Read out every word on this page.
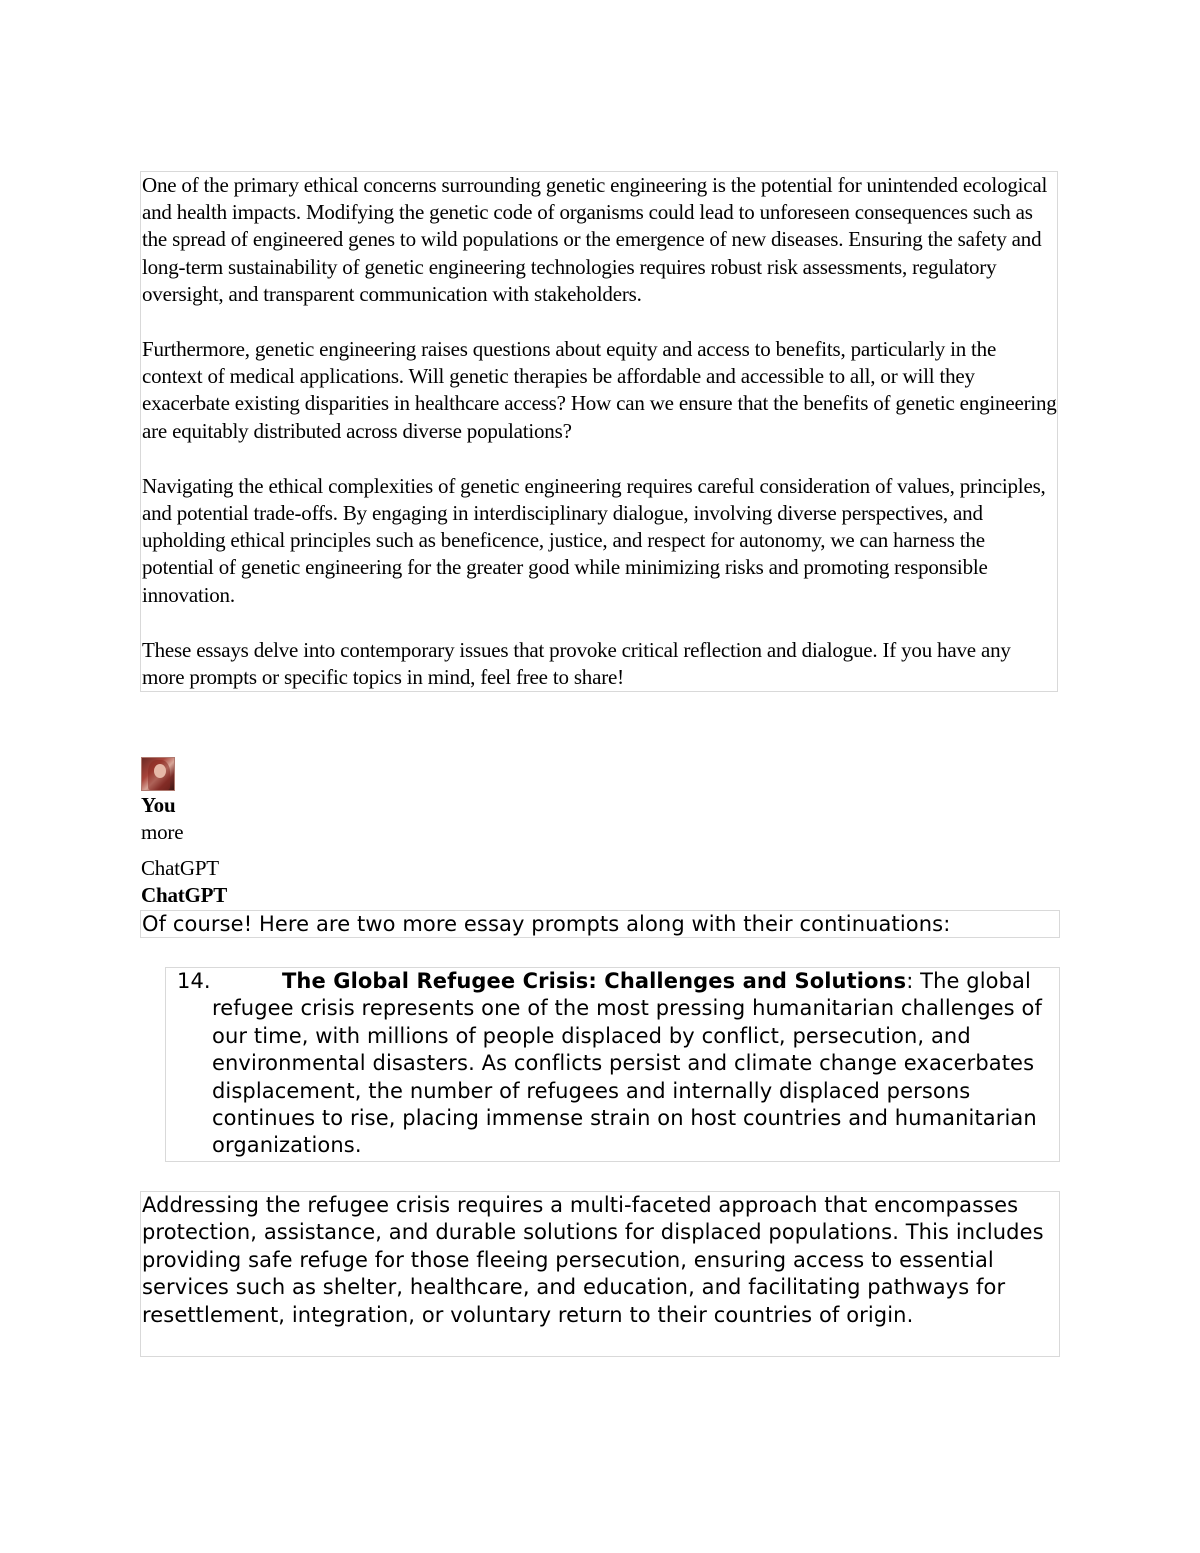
One of the primary ethical concerns surrounding genetic engineering is the potential for unintended ecological and health impacts. Modifying the genetic code of organisms could lead to unforeseen consequences such as the spread of engineered genes to wild populations or the emergence of new diseases. Ensuring the safety and long-term sustainability of genetic engineering technologies requires robust risk assessments, regulatory oversight, and transparent communication with stakeholders.

Furthermore, genetic engineering raises questions about equity and access to benefits, particularly in the context of medical applications. Will genetic therapies be affordable and accessible to all, or will they exacerbate existing disparities in healthcare access? How can we ensure that the benefits of genetic engineering are equitably distributed across diverse populations?

Navigating the ethical complexities of genetic engineering requires careful consideration of values, principles, and potential trade-offs. By engaging in interdisciplinary dialogue, involving diverse perspectives, and upholding ethical principles such as beneficence, justice, and respect for autonomy, we can harness the potential of genetic engineering for the greater good while minimizing risks and promoting responsible innovation.

These essays delve into contemporary issues that provoke critical reflection and dialogue. If you have any more prompts or specific topics in mind, feel free to share!

You
more
ChatGPT
ChatGPT
Of course! Here are two more essay prompts along with their continuations:
14.	The Global Refugee Crisis: Challenges and Solutions: The global refugee crisis represents one of the most pressing humanitarian challenges of our time, with millions of people displaced by conflict, persecution, and environmental disasters. As conflicts persist and climate change exacerbates displacement, the number of refugees and internally displaced persons continues to rise, placing immense strain on host countries and humanitarian organizations.

Addressing the refugee crisis requires a multi-faceted approach that encompasses protection, assistance, and durable solutions for displaced populations. This includes providing safe refuge for those fleeing persecution, ensuring access to essential services such as shelter, healthcare, and education, and facilitating pathways for resettlement, integration, or voluntary return to their countries of origin.
